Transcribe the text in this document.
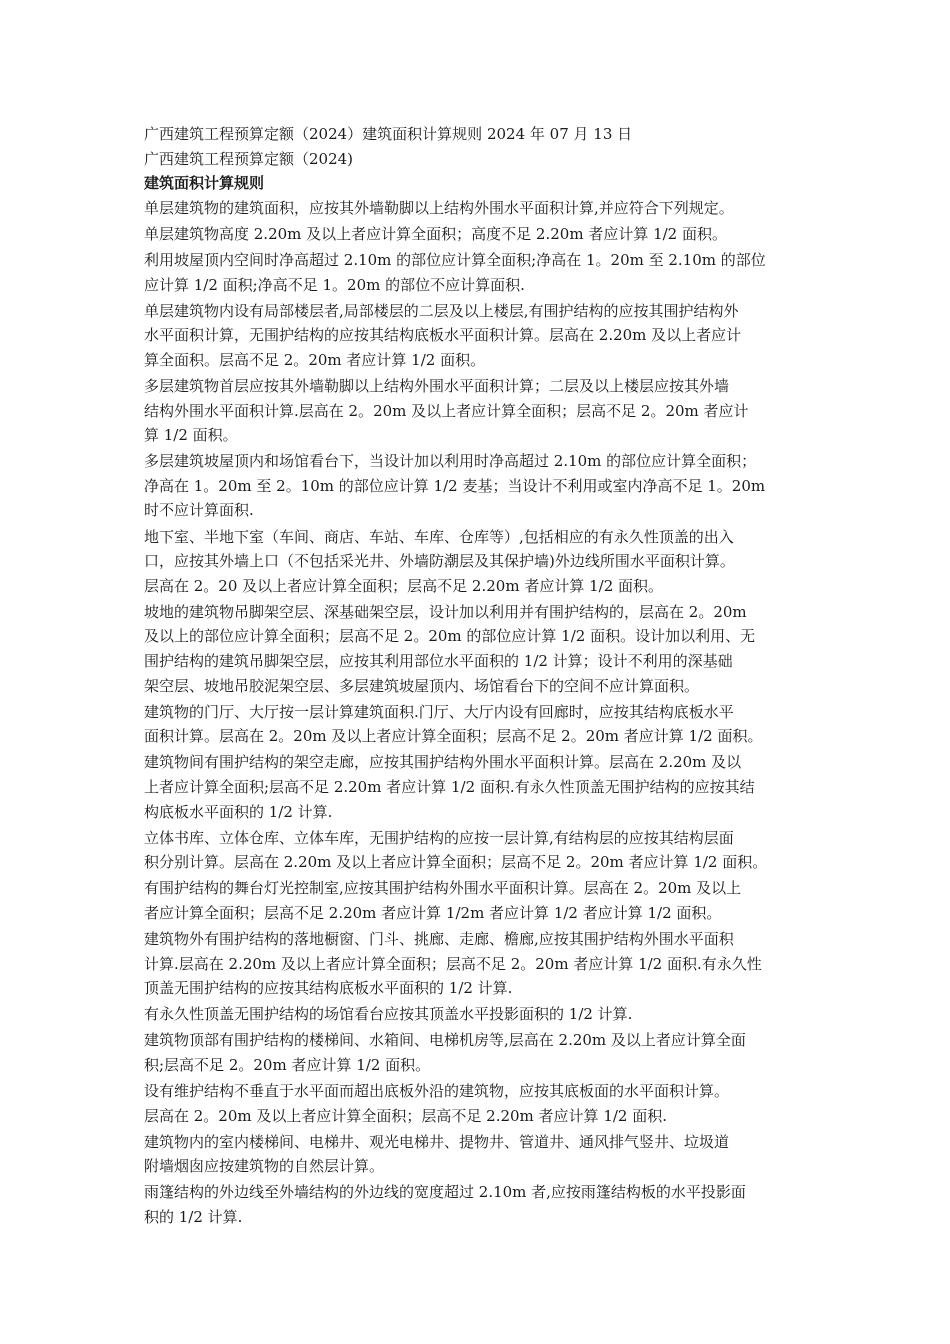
广西建筑工程预算定额（2024）建筑面积计算规则 2024 年 07 月 13 日
广西建筑工程预算定额（2024)
建筑面积计算规则
单层建筑物的建筑面积，应按其外墙勒脚以上结构外围水平面积计算,并应符合下列规定。
单层建筑物高度 2.20m 及以上者应计算全面积；高度不足 2.20m 者应计算 1/2 面积。
利用坡屋顶内空间时净高超过 2.10m 的部位应计算全面积;净高在 1。20m 至 2.10m 的部位
应计算 1/2 面积;净高不足 1。20m 的部位不应计算面积.
单层建筑物内设有局部楼层者,局部楼层的二层及以上楼层,有围护结构的应按其围护结构外
水平面积计算，无围护结构的应按其结构底板水平面积计算。层高在 2.20m 及以上者应计
算全面积。层高不足 2。20m 者应计算 1/2 面积。
多层建筑物首层应按其外墙勒脚以上结构外围水平面积计算；二层及以上楼层应按其外墙
结构外围水平面积计算.层高在 2。20m 及以上者应计算全面积；层高不足 2。20m 者应计
算 1/2 面积。
多层建筑坡屋顶内和场馆看台下，当设计加以利用时净高超过 2.10m 的部位应计算全面积；
净高在 1。20m 至 2。10m 的部位应计算 1/2 麦基；当设计不利用或室内净高不足 1。20m
时不应计算面积.
地下室、半地下室（车间、商店、车站、车库、仓库等）,包括相应的有永久性顶盖的出入
口，应按其外墙上口（不包括采光井、外墙防潮层及其保护墙)外边线所围水平面积计算。
层高在 2。20 及以上者应计算全面积；层高不足 2.20m 者应计算 1/2 面积。
坡地的建筑物吊脚架空层、深基础架空层，设计加以利用并有围护结构的，层高在 2。20m
及以上的部位应计算全面积；层高不足 2。20m 的部位应计算 1/2 面积。设计加以利用、无
围护结构的建筑吊脚架空层，应按其利用部位水平面积的 1/2 计算；设计不利用的深基础
架空层、坡地吊胶泥架空层、多层建筑坡屋顶内、场馆看台下的空间不应计算面积。
建筑物的门厅、大厅按一层计算建筑面积.门厅、大厅内设有回廊时，应按其结构底板水平
面积计算。层高在 2。20m 及以上者应计算全面积；层高不足 2。20m 者应计算 1/2 面积。
建筑物间有围护结构的架空走廊，应按其围护结构外围水平面积计算。层高在 2.20m 及以
上者应计算全面积;层高不足 2.20m 者应计算 1/2 面积.有永久性顶盖无围护结构的应按其结
构底板水平面积的 1/2 计算.
立体书库、立体仓库、立体车库，无围护结构的应按一层计算,有结构层的应按其结构层面
积分别计算。层高在 2.20m 及以上者应计算全面积；层高不足 2。20m 者应计算 1/2 面积。
有围护结构的舞台灯光控制室,应按其围护结构外围水平面积计算。层高在 2。20m 及以上
者应计算全面积；层高不足 2.20m 者应计算 1/2m 者应计算 1/2 者应计算 1/2 面积。
建筑物外有围护结构的落地橱窗、门斗、挑廊、走廊、檐廊,应按其围护结构外围水平面积
计算.层高在 2.20m 及以上者应计算全面积；层高不足 2。20m 者应计算 1/2 面积.有永久性
顶盖无围护结构的应按其结构底板水平面积的 1/2 计算.
有永久性顶盖无围护结构的场馆看台应按其顶盖水平投影面积的 1/2 计算.
建筑物顶部有围护结构的楼梯间、水箱间、电梯机房等,层高在 2.20m 及以上者应计算全面
积;层高不足 2。20m 者应计算 1/2 面积。
设有维护结构不垂直于水平面而超出底板外沿的建筑物，应按其底板面的水平面积计算。
层高在 2。20m 及以上者应计算全面积；层高不足 2.20m 者应计算 1/2 面积.
建筑物内的室内楼梯间、电梯井、观光电梯井、提物井、管道井、通风排气竖井、垃圾道
附墙烟囱应按建筑物的自然层计算。
雨篷结构的外边线至外墙结构的外边线的宽度超过 2.10m 者,应按雨篷结构板的水平投影面
积的 1/2 计算.
